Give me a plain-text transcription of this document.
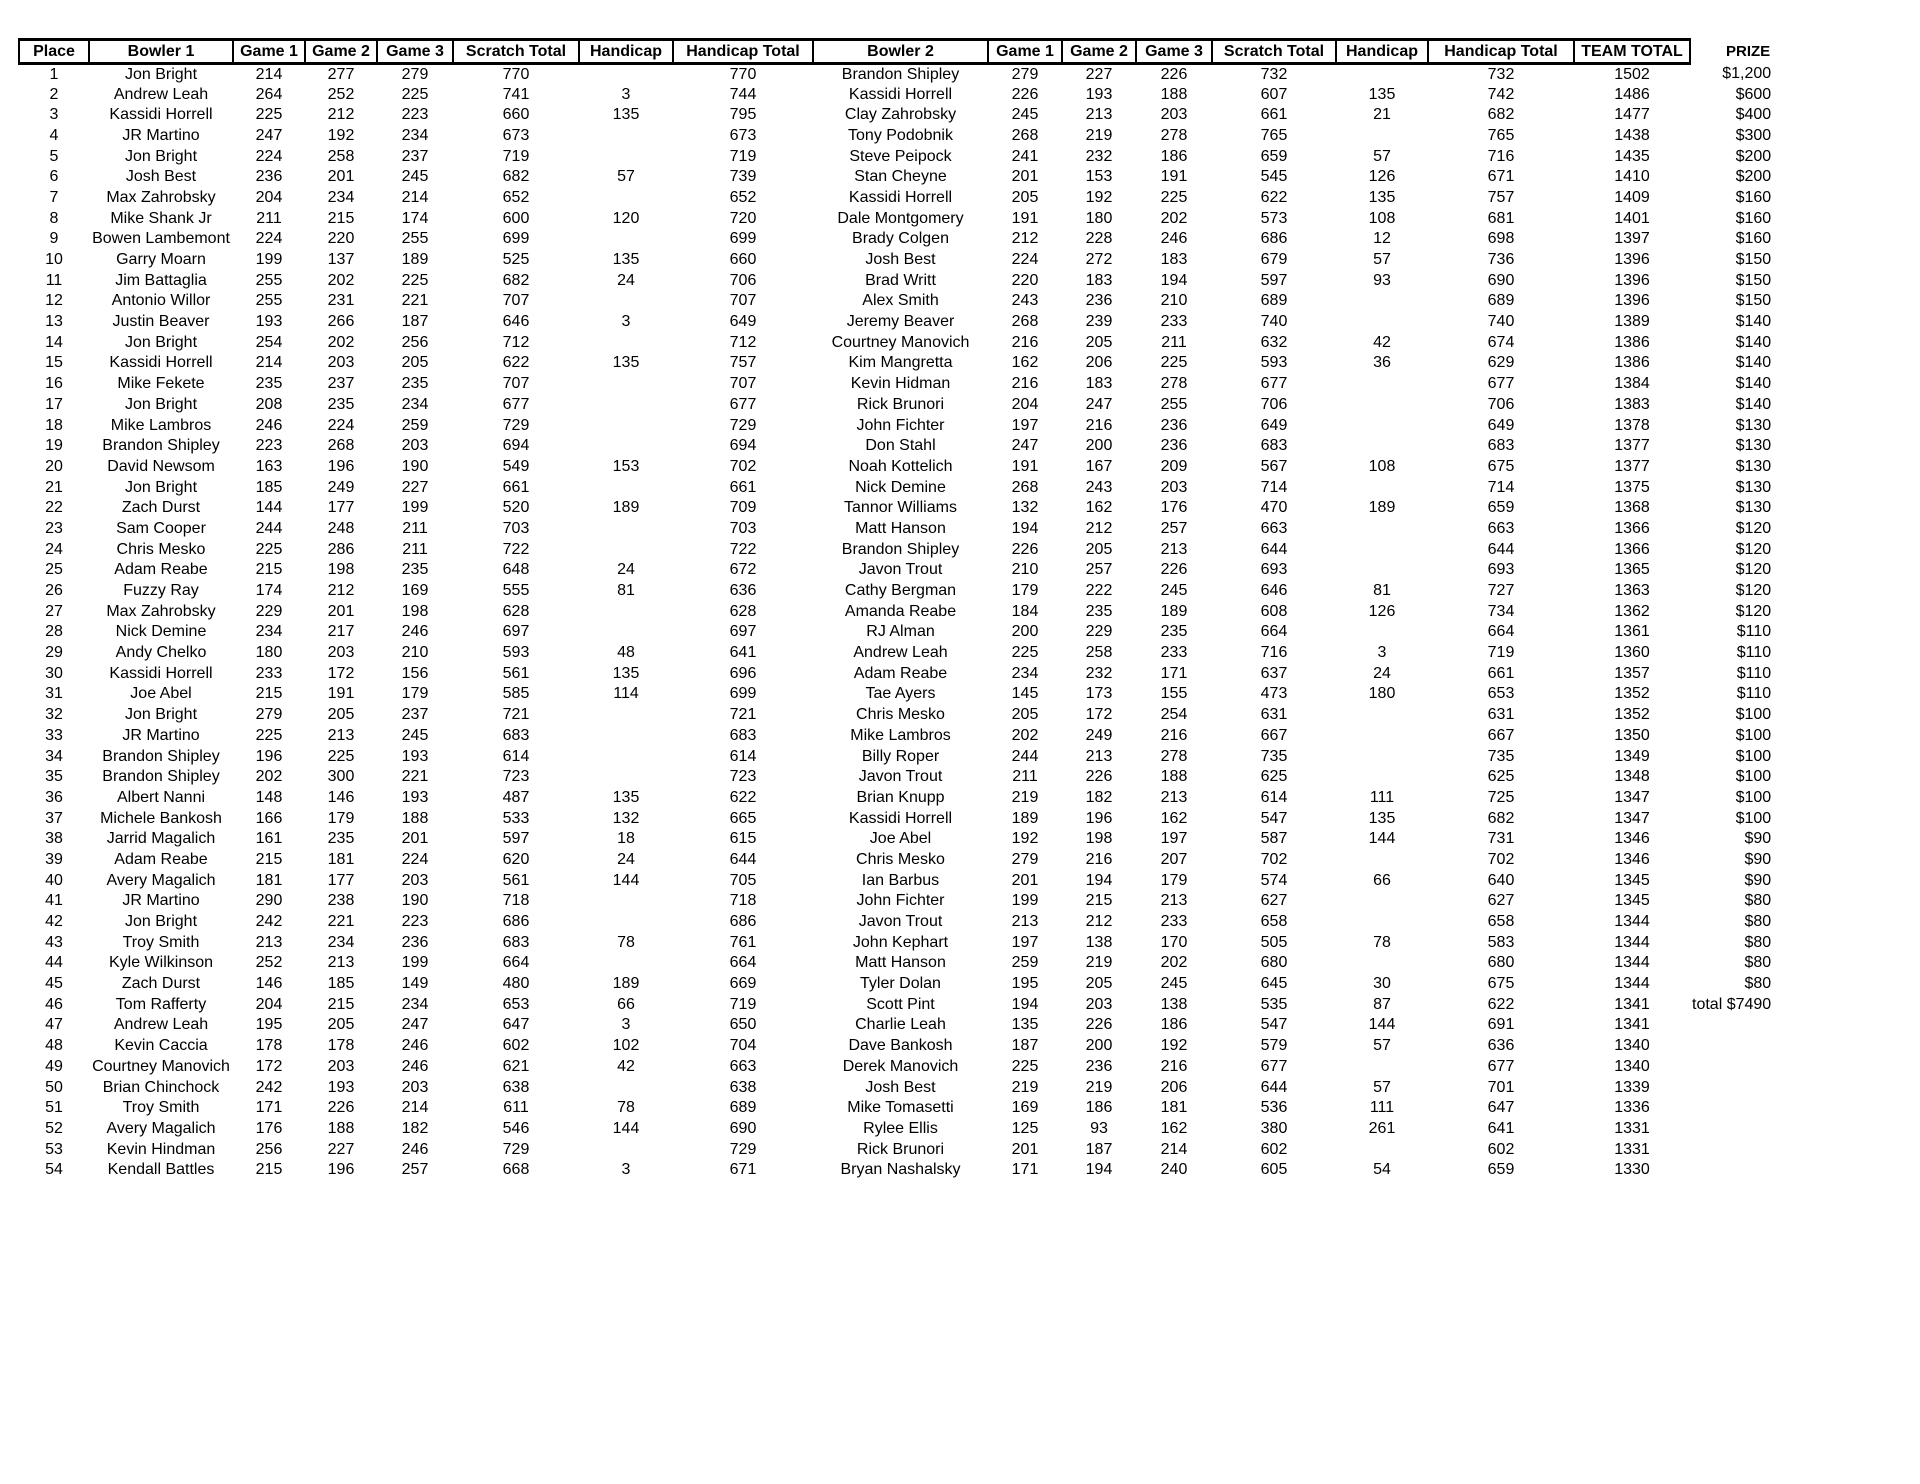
Place	Bowler 1	Game 1	Game 2	Game 3	Scratch Total	Handicap	Handicap Total	Bowler 2	Game 1	Game 2	Game 3	Scratch Total	Handicap	Handicap Total	TEAM TOTAL	PRIZE
1	Jon Bright	214	277	279	770		770	Brandon Shipley	279	227	226	732		732	1502	$1,200
2	Andrew Leah	264	252	225	741	3	744	Kassidi Horrell	226	193	188	607	135	742	1486	$600
3	Kassidi Horrell	225	212	223	660	135	795	Clay Zahrobsky	245	213	203	661	21	682	1477	$400
4	JR Martino	247	192	234	673		673	Tony Podobnik	268	219	278	765		765	1438	$300
5	Jon Bright	224	258	237	719		719	Steve Peipock	241	232	186	659	57	716	1435	$200
6	Josh Best	236	201	245	682	57	739	Stan Cheyne	201	153	191	545	126	671	1410	$200
7	Max Zahrobsky	204	234	214	652		652	Kassidi Horrell	205	192	225	622	135	757	1409	$160
8	Mike Shank Jr	211	215	174	600	120	720	Dale Montgomery	191	180	202	573	108	681	1401	$160
9	Bowen Lambemont	224	220	255	699		699	Brady Colgen	212	228	246	686	12	698	1397	$160
10	Garry Moarn	199	137	189	525	135	660	Josh Best	224	272	183	679	57	736	1396	$150
11	Jim Battaglia	255	202	225	682	24	706	Brad Writt	220	183	194	597	93	690	1396	$150
12	Antonio Willor	255	231	221	707		707	Alex Smith	243	236	210	689		689	1396	$150
13	Justin Beaver	193	266	187	646	3	649	Jeremy Beaver	268	239	233	740		740	1389	$140
14	Jon Bright	254	202	256	712		712	Courtney Manovich	216	205	211	632	42	674	1386	$140
15	Kassidi Horrell	214	203	205	622	135	757	Kim Mangretta	162	206	225	593	36	629	1386	$140
16	Mike Fekete	235	237	235	707		707	Kevin Hidman	216	183	278	677		677	1384	$140
17	Jon Bright	208	235	234	677		677	Rick Brunori	204	247	255	706		706	1383	$140
18	Mike Lambros	246	224	259	729		729	John Fichter	197	216	236	649		649	1378	$130
19	Brandon Shipley	223	268	203	694		694	Don Stahl	247	200	236	683		683	1377	$130
20	David Newsom	163	196	190	549	153	702	Noah Kottelich	191	167	209	567	108	675	1377	$130
21	Jon Bright	185	249	227	661		661	Nick Demine	268	243	203	714		714	1375	$130
22	Zach Durst	144	177	199	520	189	709	Tannor Williams	132	162	176	470	189	659	1368	$130
23	Sam Cooper	244	248	211	703		703	Matt Hanson	194	212	257	663		663	1366	$120
24	Chris Mesko	225	286	211	722		722	Brandon Shipley	226	205	213	644		644	1366	$120
25	Adam Reabe	215	198	235	648	24	672	Javon Trout	210	257	226	693		693	1365	$120
26	Fuzzy Ray	174	212	169	555	81	636	Cathy Bergman	179	222	245	646	81	727	1363	$120
27	Max Zahrobsky	229	201	198	628		628	Amanda Reabe	184	235	189	608	126	734	1362	$120
28	Nick Demine	234	217	246	697		697	RJ Alman	200	229	235	664		664	1361	$110
29	Andy Chelko	180	203	210	593	48	641	Andrew Leah	225	258	233	716	3	719	1360	$110
30	Kassidi Horrell	233	172	156	561	135	696	Adam Reabe	234	232	171	637	24	661	1357	$110
31	Joe Abel	215	191	179	585	114	699	Tae Ayers	145	173	155	473	180	653	1352	$110
32	Jon Bright	279	205	237	721		721	Chris Mesko	205	172	254	631		631	1352	$100
33	JR Martino	225	213	245	683		683	Mike Lambros	202	249	216	667		667	1350	$100
34	Brandon Shipley	196	225	193	614		614	Billy Roper	244	213	278	735		735	1349	$100
35	Brandon Shipley	202	300	221	723		723	Javon Trout	211	226	188	625		625	1348	$100
36	Albert Nanni	148	146	193	487	135	622	Brian Knupp	219	182	213	614	111	725	1347	$100
37	Michele Bankosh	166	179	188	533	132	665	Kassidi Horrell	189	196	162	547	135	682	1347	$100
38	Jarrid Magalich	161	235	201	597	18	615	Joe Abel	192	198	197	587	144	731	1346	$90
39	Adam Reabe	215	181	224	620	24	644	Chris Mesko	279	216	207	702		702	1346	$90
40	Avery Magalich	181	177	203	561	144	705	Ian Barbus	201	194	179	574	66	640	1345	$90
41	JR Martino	290	238	190	718		718	John Fichter	199	215	213	627		627	1345	$80
42	Jon Bright	242	221	223	686		686	Javon Trout	213	212	233	658		658	1344	$80
43	Troy Smith	213	234	236	683	78	761	John Kephart	197	138	170	505	78	583	1344	$80
44	Kyle Wilkinson	252	213	199	664		664	Matt Hanson	259	219	202	680		680	1344	$80
45	Zach Durst	146	185	149	480	189	669	Tyler Dolan	195	205	245	645	30	675	1344	$80
46	Tom Rafferty	204	215	234	653	66	719	Scott Pint	194	203	138	535	87	622	1341	total $7490
47	Andrew Leah	195	205	247	647	3	650	Charlie Leah	135	226	186	547	144	691	1341	
48	Kevin Caccia	178	178	246	602	102	704	Dave Bankosh	187	200	192	579	57	636	1340	
49	Courtney Manovich	172	203	246	621	42	663	Derek Manovich	225	236	216	677		677	1340	
50	Brian Chinchock	242	193	203	638		638	Josh Best	219	219	206	644	57	701	1339	
51	Troy Smith	171	226	214	611	78	689	Mike Tomasetti	169	186	181	536	111	647	1336	
52	Avery Magalich	176	188	182	546	144	690	Rylee Ellis	125	93	162	380	261	641	1331	
53	Kevin Hindman	256	227	246	729		729	Rick Brunori	201	187	214	602		602	1331	
54	Kendall Battles	215	196	257	668	3	671	Bryan Nashalsky	171	194	240	605	54	659	1330	
